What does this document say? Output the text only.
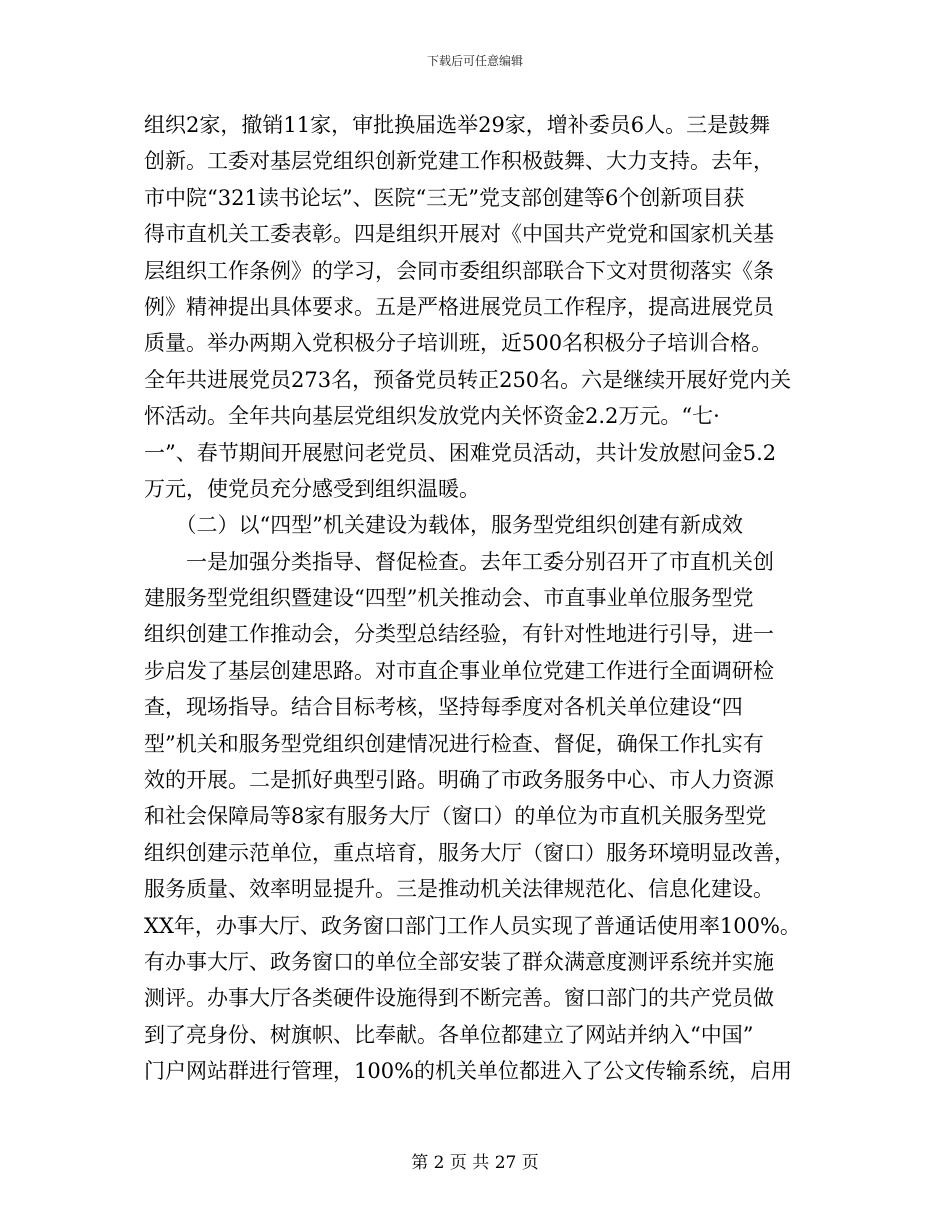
下载后可任意编辑
组织2家，撤销11家，审批换届选举29家，增补委员6人。三是鼓舞
创新。工委对基层党组织创新党建工作积极鼓舞、大力支持。去年，
市中院“321读书论坛”、医院“三无”党支部创建等6个创新项目获
得市直机关工委表彰。四是组织开展对《中国共产党党和国家机关基
层组织工作条例》的学习，会同市委组织部联合下文对贯彻落实《条
例》精神提出具体要求。五是严格进展党员工作程序，提高进展党员
质量。举办两期入党积极分子培训班，近500名积极分子培训合格。
全年共进展党员273名，预备党员转正250名。六是继续开展好党内关
怀活动。全年共向基层党组织发放党内关怀资金2.2万元。“七·
一”、春节期间开展慰问老党员、困难党员活动，共计发放慰问金5.2
万元，使党员充分感受到组织温暖。
　　（二）以“四型”机关建设为载体，服务型党组织创建有新成效
　　一是加强分类指导、督促检查。去年工委分别召开了市直机关创
建服务型党组织暨建设“四型”机关推动会、市直事业单位服务型党
组织创建工作推动会，分类型总结经验，有针对性地进行引导，进一
步启发了基层创建思路。对市直企事业单位党建工作进行全面调研检
查，现场指导。结合目标考核，坚持每季度对各机关单位建设“四
型”机关和服务型党组织创建情况进行检查、督促，确保工作扎实有
效的开展。二是抓好典型引路。明确了市政务服务中心、市人力资源
和社会保障局等8家有服务大厅（窗口）的单位为市直机关服务型党
组织创建示范单位，重点培育，服务大厅（窗口）服务环境明显改善，
服务质量、效率明显提升。三是推动机关法律规范化、信息化建设。
XX年，办事大厅、政务窗口部门工作人员实现了普通话使用率100%。
有办事大厅、政务窗口的单位全部安装了群众满意度测评系统并实施
测评。办事大厅各类硬件设施得到不断完善。窗口部门的共产党员做
到了亮身份、树旗帜、比奉献。各单位都建立了网站并纳入“中国”
门户网站群进行管理，100%的机关单位都进入了公文传输系统，启用
第 2 页 共 27 页
